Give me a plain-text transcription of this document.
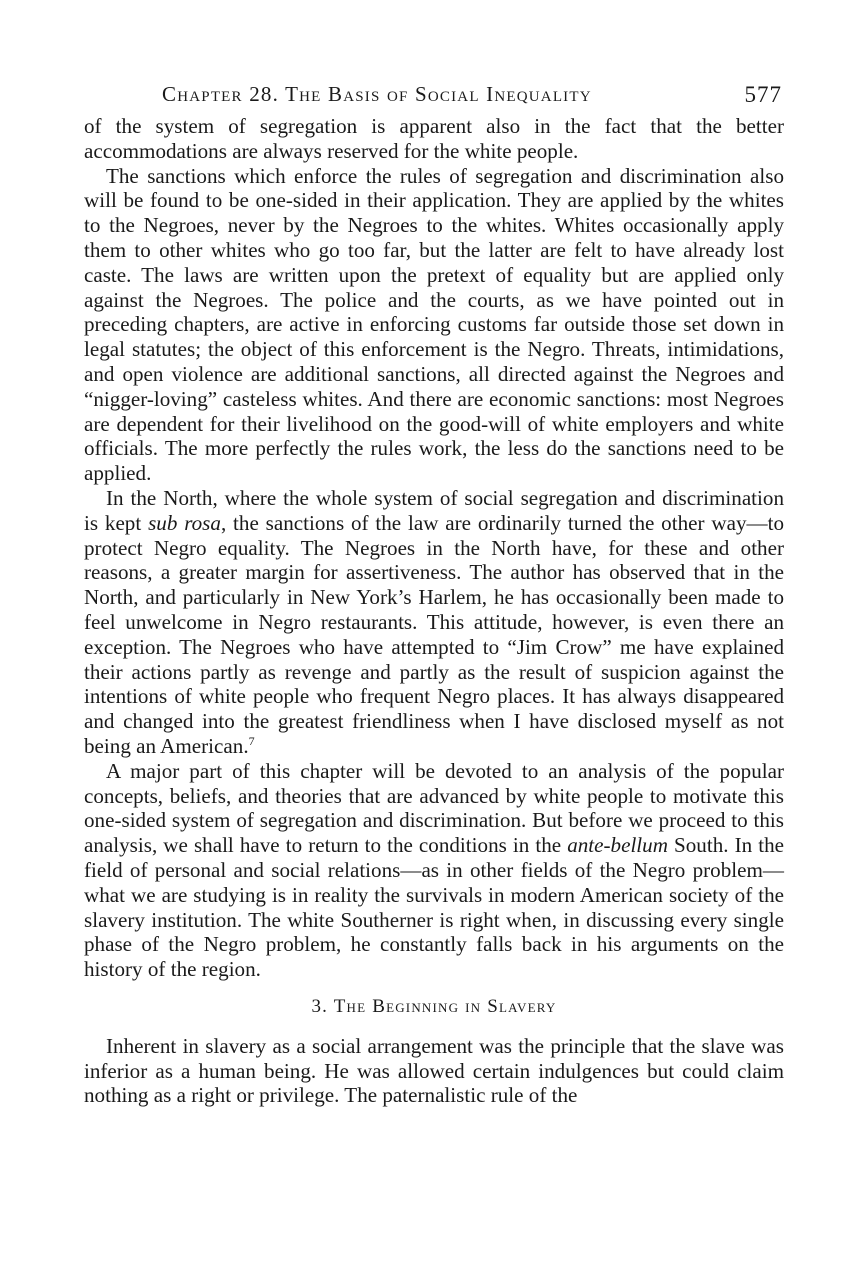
Chapter 28. The Basis of Social Inequality	577

of the system of segregation is apparent also in the fact that the better accommodations are always reserved for the white people.

The sanctions which enforce the rules of segregation and discrimination also will be found to be one-sided in their application. They are applied by the whites to the Negroes, never by the Negroes to the whites. Whites occasionally apply them to other whites who go too far, but the latter are felt to have already lost caste. The laws are written upon the pretext of equality but are applied only against the Negroes. The police and the courts, as we have pointed out in preceding chapters, are active in enforcing customs far outside those set down in legal statutes; the object of this enforcement is the Negro. Threats, intimidations, and open violence are additional sanctions, all directed against the Negroes and “nigger-loving” casteless whites. And there are economic sanctions: most Negroes are dependent for their livelihood on the good-will of white employers and white officials. The more perfectly the rules work, the less do the sanctions need to be applied.

In the North, where the whole system of social segregation and discrimination is kept sub rosa, the sanctions of the law are ordinarily turned the other way—to protect Negro equality. The Negroes in the North have, for these and other reasons, a greater margin for assertiveness. The author has observed that in the North, and particularly in New York’s Harlem, he has occasionally been made to feel unwelcome in Negro restaurants. This attitude, however, is even there an exception. The Negroes who have attempted to “Jim Crow” me have explained their actions partly as revenge and partly as the result of suspicion against the intentions of white people who frequent Negro places. It has always disappeared and changed into the greatest friendliness when I have disclosed myself as not being an American.$^7$

A major part of this chapter will be devoted to an analysis of the popular concepts, beliefs, and theories that are advanced by white people to motivate this one-sided system of segregation and discrimination. But before we proceed to this analysis, we shall have to return to the conditions in the ante-bellum South. In the field of personal and social relations—as in other fields of the Negro problem—what we are studying is in reality the survivals in modern American society of the slavery institution. The white Southerner is right when, in discussing every single phase of the Negro problem, he constantly falls back in his arguments on the history of the region.

3. The Beginning in Slavery

Inherent in slavery as a social arrangement was the principle that the slave was inferior as a human being. He was allowed certain indulgences but could claim nothing as a right or privilege. The paternalistic rule of the
